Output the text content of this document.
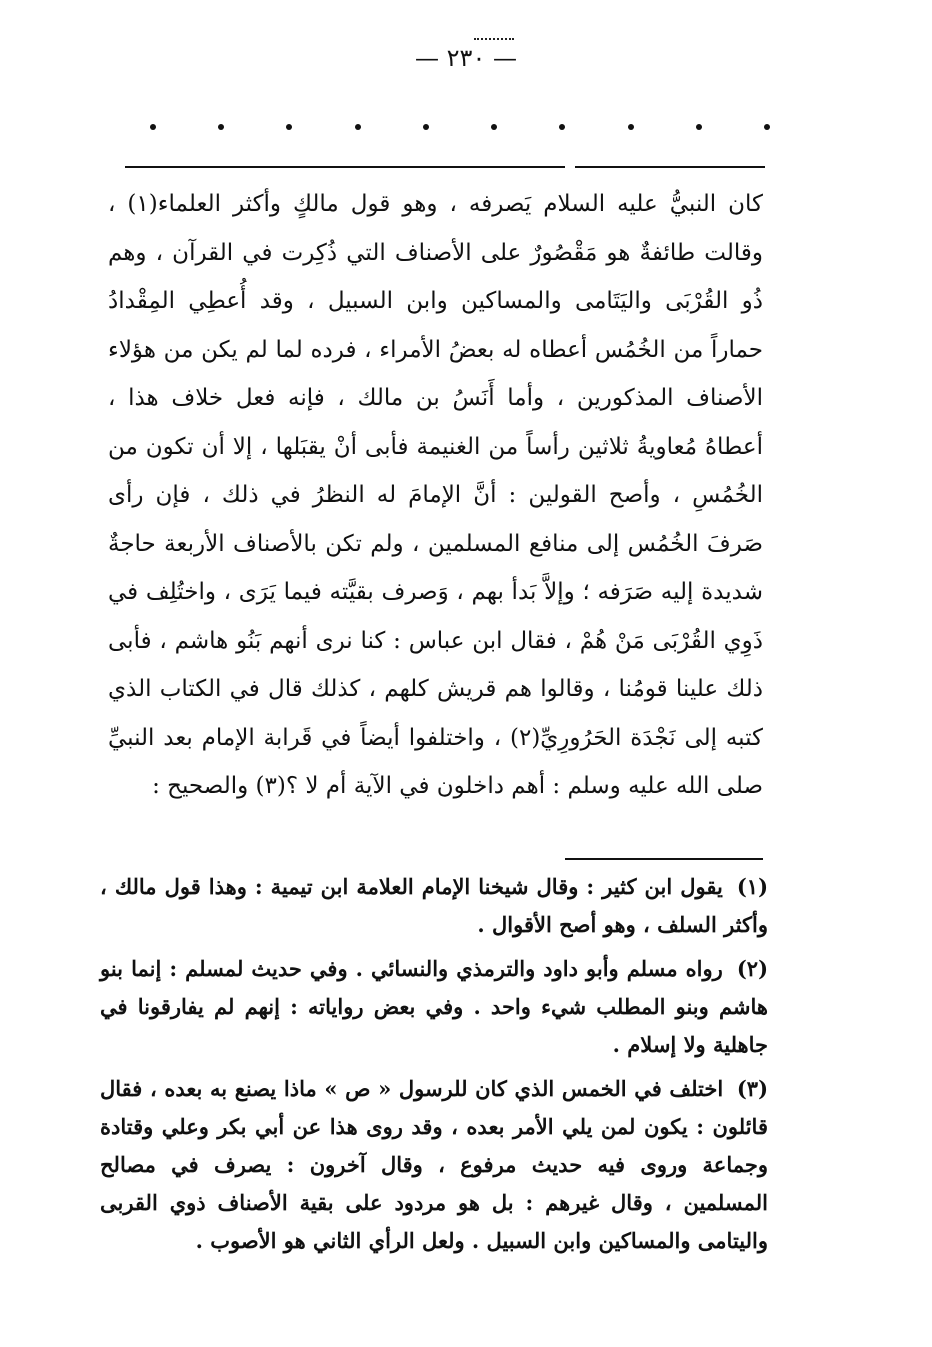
— ٢٣٠ —

كان النبيُّ عليه السلام يَصرفه ، وهو قول مالكٍ وأكثر العلماء(١) ، وقالت طائفةٌ هو مَقْصُورٌ على الأصناف التي ذُكِرت في القرآن ، وهم ذُو القُرْبَى واليَتَامى والمساكين وابن السبيل ، وقد أُعطِي المِقْدادُ حماراً من الخُمُس أعطاه له بعضُ الأمراء ، فرده لما لم يكن من هؤلاء الأصناف المذكورين ، وأما أَنَسُ بن مالك ، فإنه فعل خلاف هذا ، أعطاهُ مُعاويةُ ثلاثين رأساً من الغنيمة فأبى أنْ يقبَلها ، إلا أن تكون من الخُمُسِ ، وأصح القولين : أنَّ الإمامَ له النظرُ في ذلك ، فإن رأى صَرفَ الخُمُس إلى منافع المسلمين ، ولم تكن بالأصناف الأربعة حاجةٌ شديدة إليه صَرَفه ؛ وإلاَّ بَدأ بهم ، وَصرف بقيَّته فيما يَرَى ، واختُلِف في ذَوِي القُرْبَى مَنْ هُمْ ، فقال ابن عباس : كنا نرى أنهم بَنُو هاشم ، فأبى ذلك علينا قومُنا ، وقالوا هم قريش كلهم ، كذلك قال في الكتاب الذي كتبه إلى نَجْدَة الحَرُورِيِّ(٢) ، واختلفوا أيضاً في قَرابة الإمام بعد النبيِّ صلى الله عليه وسلم : أهم داخلون في الآية أم لا ؟(٣) والصحيح :

(١) يقول ابن كثير : وقال شيخنا الإمام العلامة ابن تيمية : وهذا قول مالك ، وأكثر السلف ، وهو أصح الأقوال .

(٢) رواه مسلم وأبو داود والترمذي والنسائي . وفي حديث لمسلم : إنما بنو هاشم وبنو المطلب شيء واحد . وفي بعض رواياته : إنهم لم يفارقونا في جاهلية ولا إسلام .

(٣) اختلف في الخمس الذي كان للرسول « ص » ماذا يصنع به بعده ، فقال قائلون : يكون لمن يلي الأمر بعده ، وقد روى هذا عن أبي بكر وعلي وقتادة وجماعة وروى فيه حديث مرفوع ، وقال آخرون : يصرف في مصالح المسلمين ، وقال غيرهم : بل هو مردود على بقية الأصناف ذوي القربى واليتامى والمساكين وابن السبيل . ولعل الرأي الثاني هو الأصوب .
